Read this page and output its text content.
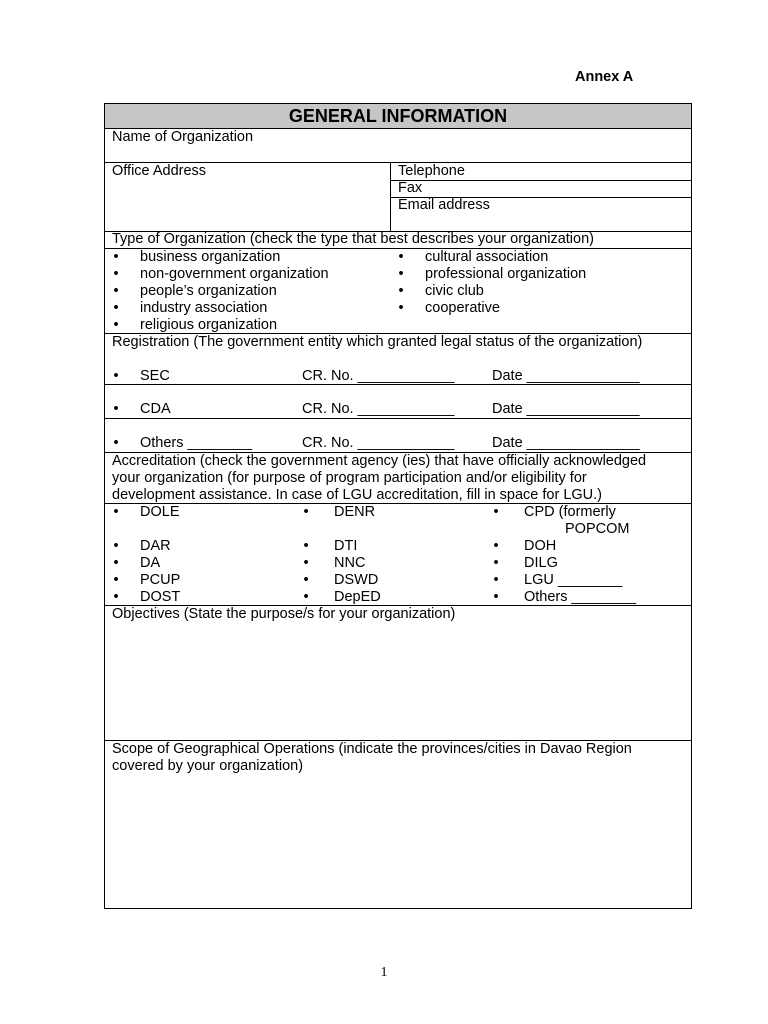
Annex A
GENERAL INFORMATION
Name of Organization
Office Address	Telephone
Fax
Email address
Type of Organization (check the type that best describes your organization)
• business organization
• non-government organization
• people’s organization
• industry association
• religious organization
• cultural association
• professional organization
• civic club
• cooperative
Registration (The government entity which granted legal status of the organization)
• SEC	CR. No. ____________	Date ______________
• CDA	CR. No. ____________	Date ______________
• Others ________	CR. No. ____________	Date ______________
Accreditation (check the government agency (ies) that have officially acknowledged
your organization (for purpose of program participation and/or eligibility for
development assistance. In case of LGU accreditation, fill in space for LGU.)
• DOLE
• DAR
• DA
• PCUP
• DOST
• DENR
• DTI
• NNC
• DSWD
• DepED
• CPD (formerly
• DOH
• DILG
• LGU ________
• Others ________
POPCOM
Objectives (State the purpose/s for your organization)
Scope of Geographical Operations (indicate the provinces/cities in Davao Region
covered by your organization)
1
